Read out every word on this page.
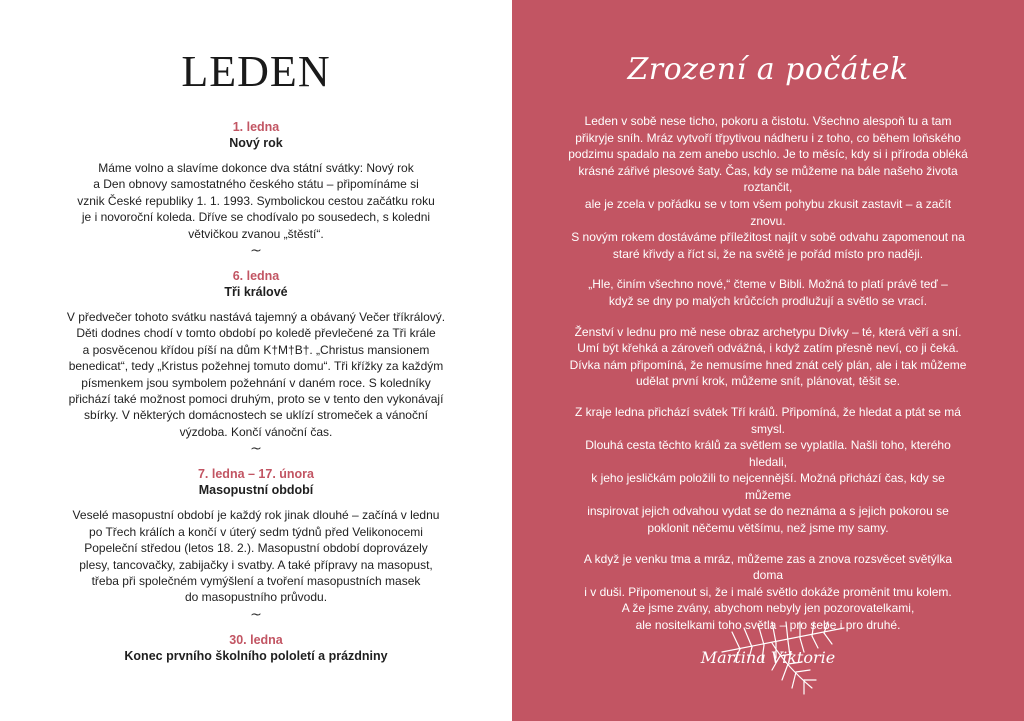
LEDEN
1. ledna
Nový rok

Máme volno a slavíme dokonce dva státní svátky: Nový rok
a Den obnovy samostatného českého státu – připomínáme si
vznik České republiky 1. 1. 1993. Symbolickou cestou začátku roku
je i novoroční koleda. Dříve se chodívalo po sousedech, s koledni
větvičkou zvanou „štěstí“.

~
6. ledna
Tři králové

V předvečer tohoto svátku nastává tajemný a obávaný Večer tříkrálový.
Děti dodnes chodí v tomto období po koledě převlečené za Tři krále
a posvěcenou křídou píší na dům K†M†B†. „Christus mansionem
benedicat“, tedy „Kristus požehnej tomuto domu“. Tři křížky za každým
písmenkem jsou symbolem požehnání v daném roce. S koledníky
přichází také možnost pomoci druhým, proto se v tento den vykonávají
sbírky. V některých domácnostech se uklízí stromeček a vánoční
výzdoba. Končí vánoční čas.

~
7. ledna – 17. února
Masopustní období

Veselé masopustní období je každý rok jinak dlouhé – začíná v lednu
po Třech králích a končí v úterý sedm týdnů před Velikonocemi
Popeleční středou (letos 18. 2.). Masopustní období doprovázely
plesy, tancovačky, zabijačky i svatby. A také přípravy na masopust,
třeba při společném vymýšlení a tvoření masopustních masek
do masopustního průvodu.

~
30. ledna
Konec prvního školního pololetí a prázdniny
Zrození a počátek

Leden v sobě nese ticho, pokoru a čistotu. Všechno alespoň tu a tam
přikryje sníh. Mráz vytvoří třpytivou nádheru i z toho, co během loňského
podzimu spadalo na zem anebo uschlo. Je to měsíc, kdy si i příroda obléká
krásné zářivé plesové šaty. Čas, kdy se můžeme na bále našeho života roztančit,
ale je zcela v pořádku se v tom všem pohybu zkusit zastavit – a začít znovu.
S novým rokem dostáváme příležitost najít v sobě odvahu zapomenout na
staré křivdy a říct si, že na světě je pořád místo pro naději.

„Hle, činím všechno nové,“ čteme v Bibli. Možná to platí právě teď –
když se dny po malých krůčcích prodlužují a světlo se vrací.

Ženství v lednu pro mě nese obraz archetypu Dívky – té, která věří a sní.
Umí být křehká a zároveň odvážná, i když zatím přesně neví, co ji čeká.
Dívka nám připomíná, že nemusíme hned znát celý plán, ale i tak můžeme
udělat první krok, můžeme snít, plánovat, těšit se.

Z kraje ledna přichází svátek Tří králů. Připomíná, že hledat a ptát se má smysl.
Dlouhá cesta těchto králů za světlem se vyplatila. Našli toho, kterého hledali,
k jeho jesličkám položili to nejcennější. Možná přichází čas, kdy se můžeme
inspirovat jejich odvahou vydat se do neznáma a s jejich pokorou se
poklonit něčemu většímu, než jsme my samy.

A když je venku tma a mráz, můžeme zas a znova rozsvěcet světýlka doma
i v duši. Připomenout si, že i malé světlo dokáže proměnit tmu kolem.
A že jsme zvány, abychom nebyly jen pozorovatelkami,
ale nositelkami toho světla – pro sebe i pro druhé.

Martina Viktorie
